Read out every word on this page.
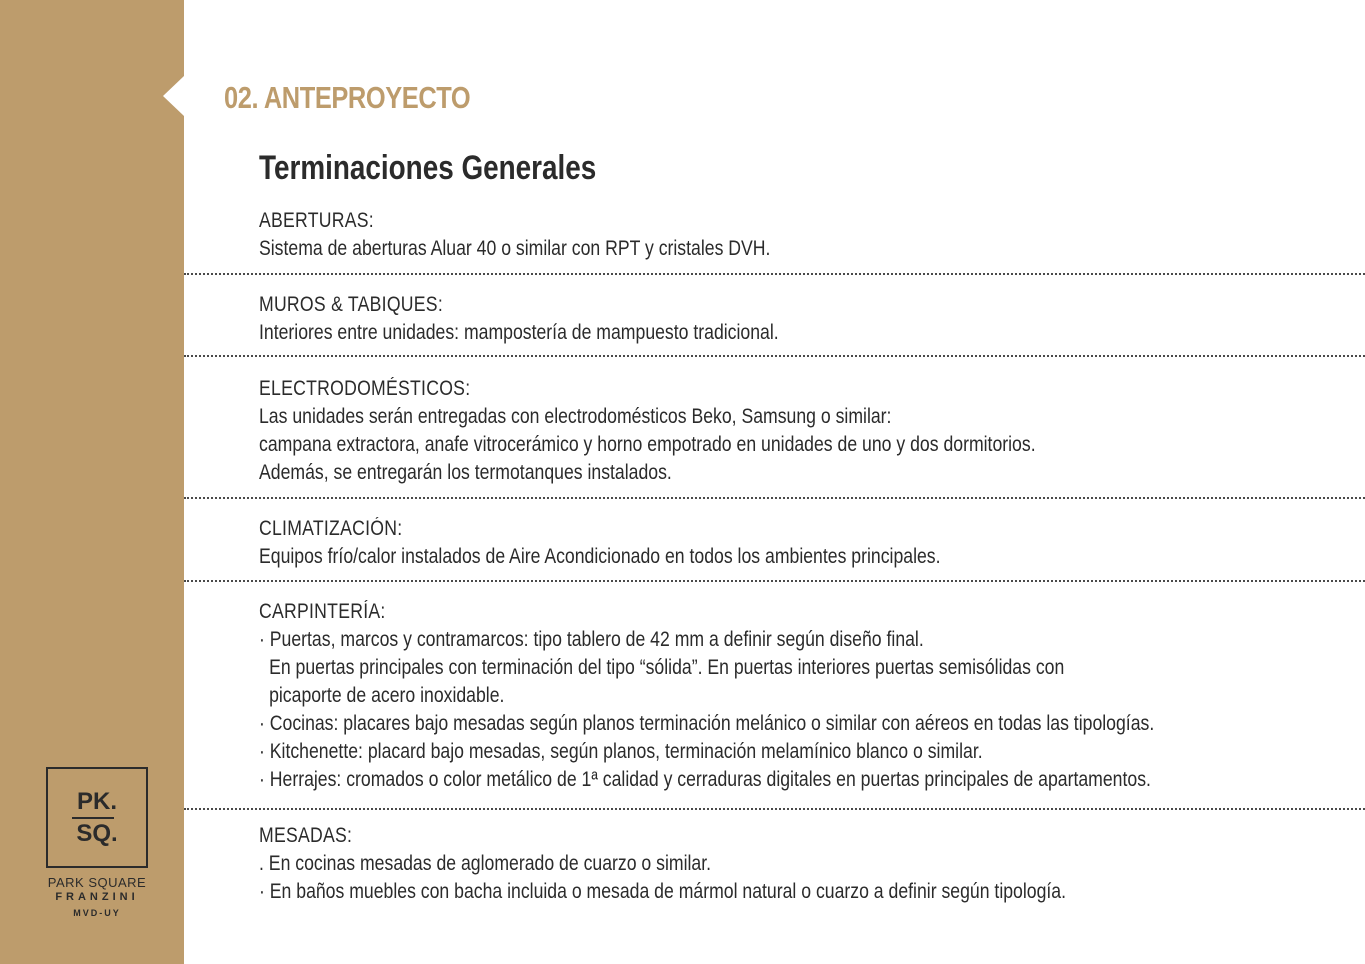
PK .
SQ .
PARK SQUARE
FRANZINI
MVD-UY
02. ANTEPROYECTO
Terminaciones Generales
ABERTURAS:
Sistema de aberturas Aluar 40 o similar con RPT y cristales DVH.
MUROS & TABIQUES:
Interiores entre unidades: mampostería de mampuesto tradicional.
ELECTRODOMÉSTICOS:
Las unidades serán entregadas con electrodomésticos Beko, Samsung o similar:
campana extractora, anafe vitrocerámico y horno empotrado en unidades de uno y dos dormitorios.
Además, se entregarán los termotanques instalados.
CLIMATIZACIÓN:
Equipos frío/calor instalados de Aire Acondicionado en todos los ambientes principales.
CARPINTERÍA:
· Puertas, marcos y contramarcos: tipo tablero de 42 mm a definir según diseño final.
En puertas principales con terminación del tipo “sólida”. En puertas interiores puertas semisólidas con
picaporte de acero inoxidable.
· Cocinas: placares bajo mesadas según planos terminación melánico o similar con aéreos en todas las tipologías.
· Kitchenette: placard bajo mesadas, según planos, terminación melamínico blanco o similar.
· Herrajes: cromados o color metálico de 1ª calidad y cerraduras digitales en puertas principales de apartamentos.
MESADAS:
. En cocinas mesadas de aglomerado de cuarzo o similar.
· En baños muebles con bacha incluida o mesada de mármol natural o cuarzo a definir según tipología.
